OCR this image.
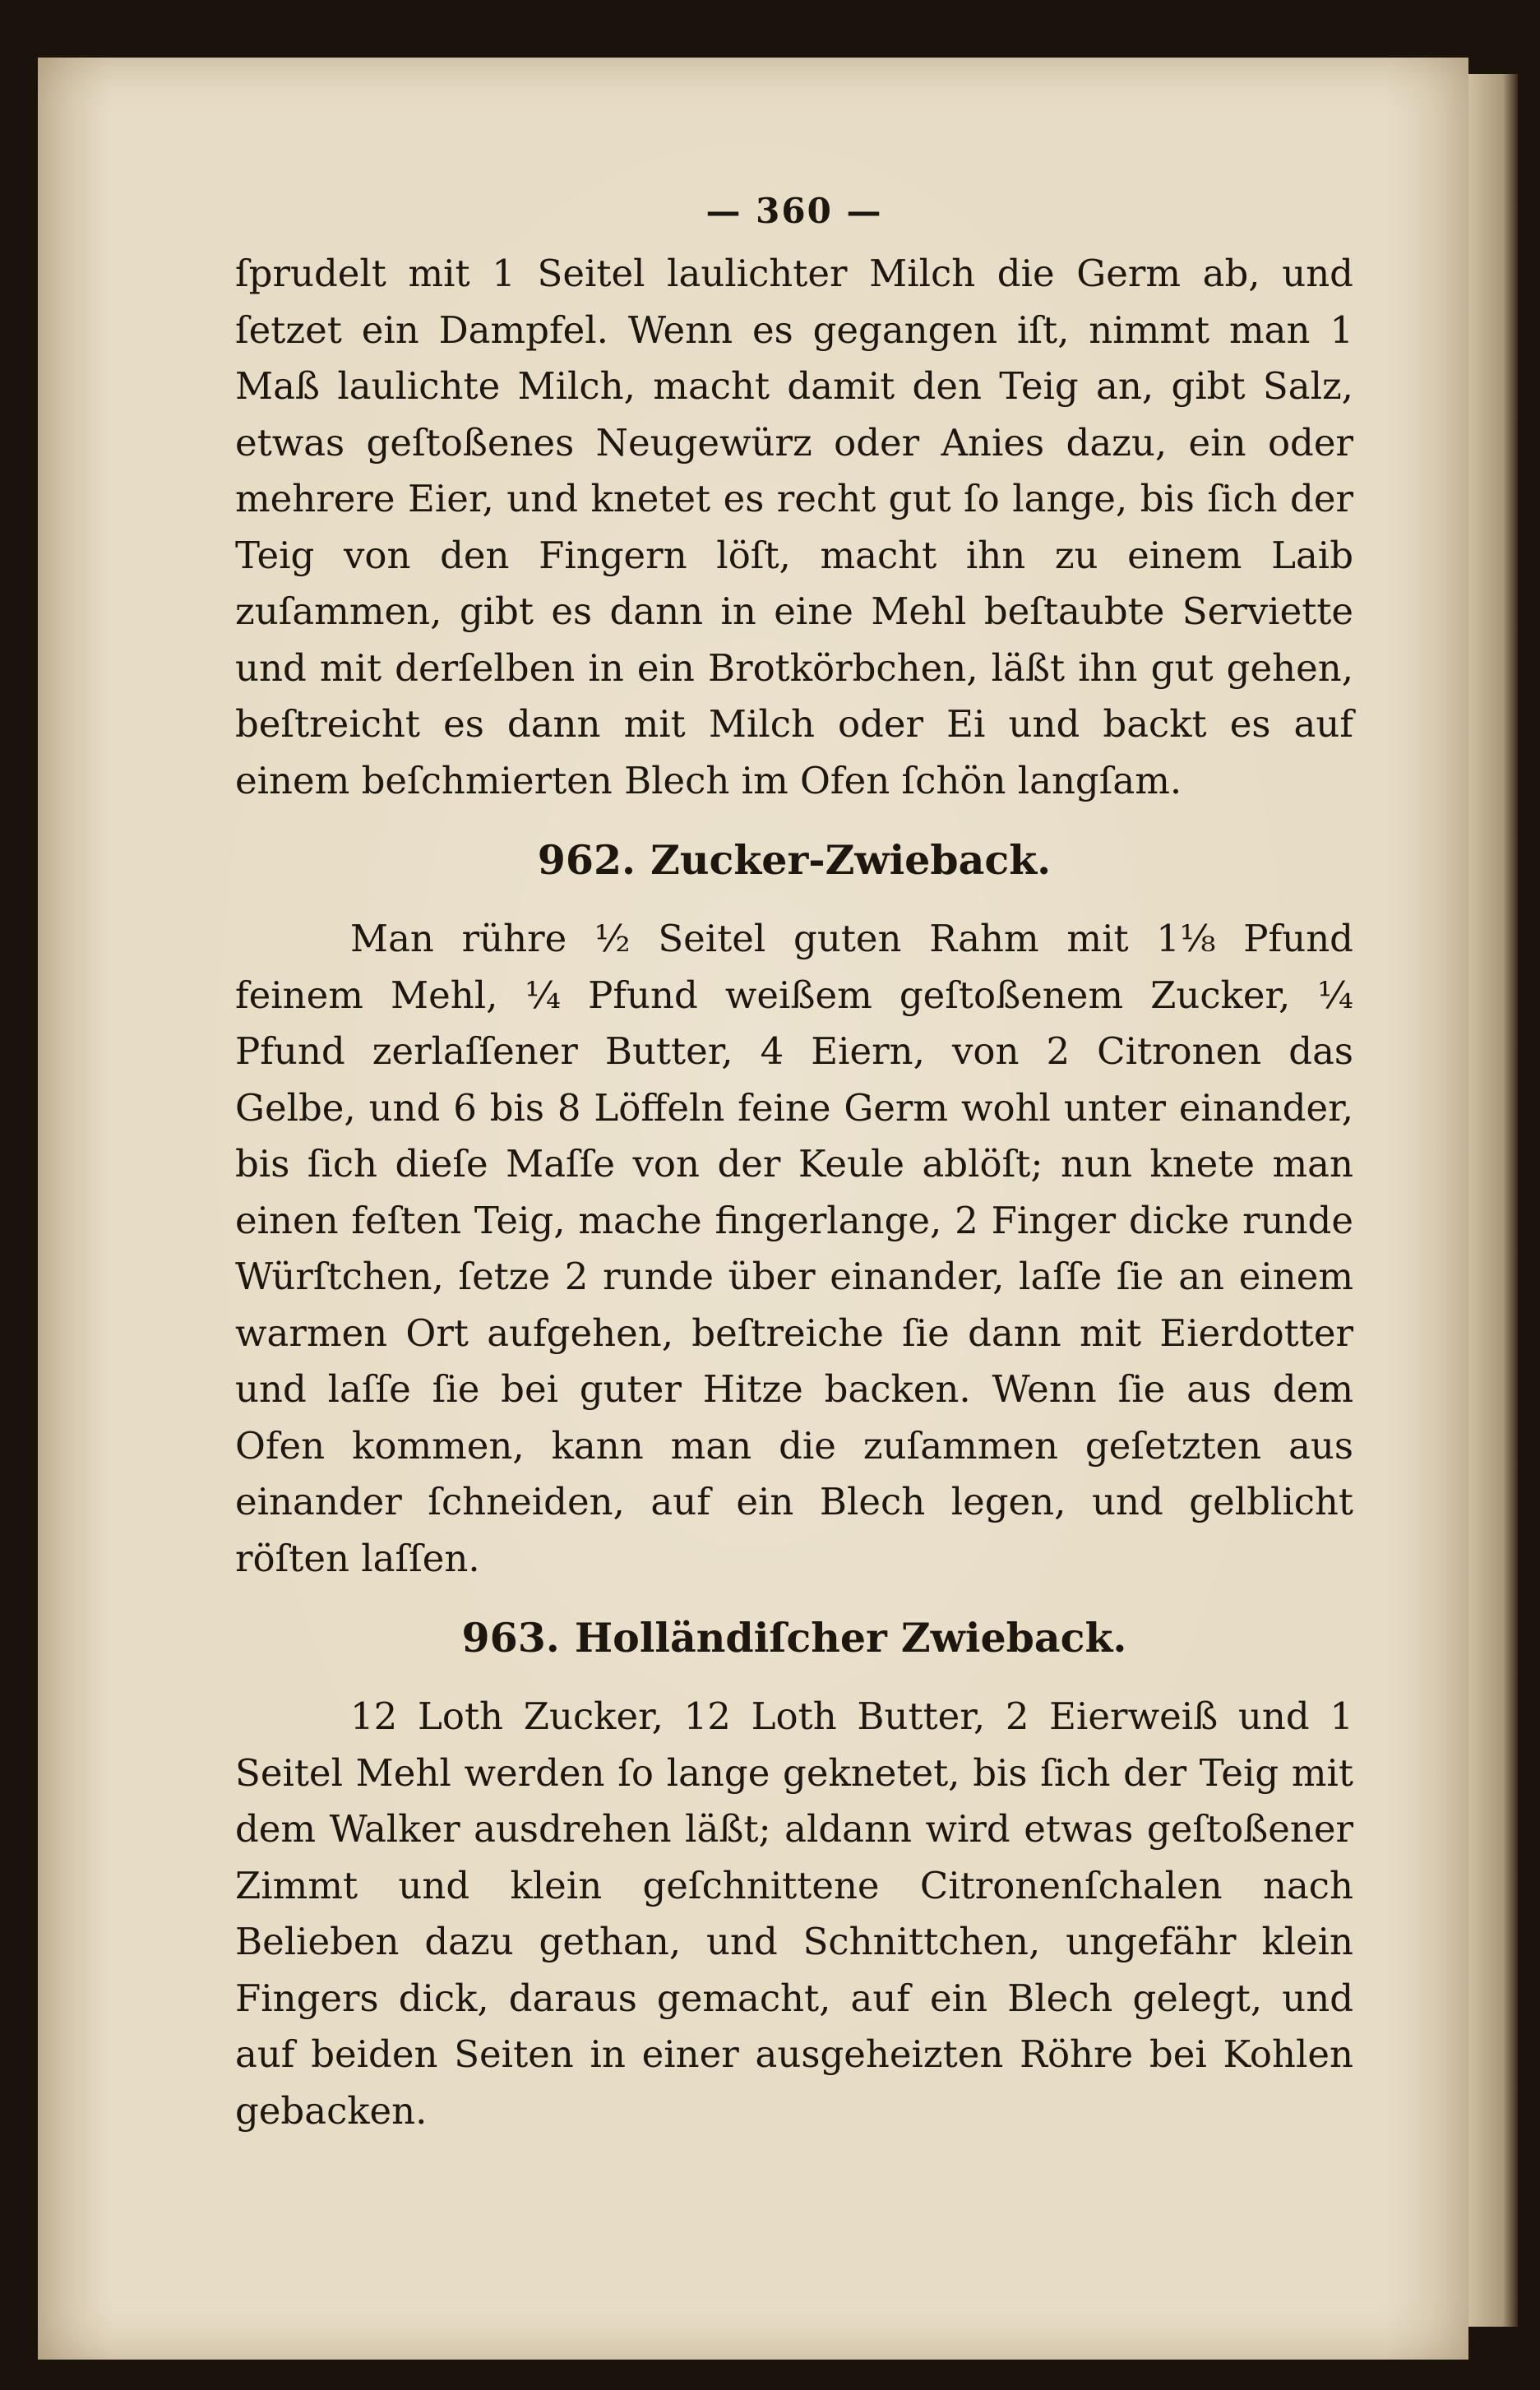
— 360 —

ſprudelt mit 1 Seitel laulichter Milch die Germ ab, und ſetzet ein Dampfel. Wenn es gegangen iſt, nimmt man 1 Maß laulichte Milch, macht damit den Teig an, gibt Salz, etwas geſtoßenes Neugewürz oder Anies dazu, ein oder mehrere Eier, und knetet es recht gut ſo lange, bis ſich der Teig von den Fingern löſt, macht ihn zu einem Laib zuſammen, gibt es dann in eine Mehl beſtaubte Serviette und mit derſelben in ein Brotkörbchen, läßt ihn gut gehen, beſtreicht es dann mit Milch oder Ei und backt es auf einem beſchmierten Blech im Ofen ſchön langſam.

962. Zucker-Zwieback.

Man rühre ½ Seitel guten Rahm mit 1⅛ Pfund feinem Mehl, ¼ Pfund weißem geſtoßenem Zucker, ¼ Pfund zerlaſſener Butter, 4 Eiern, von 2 Citronen das Gelbe, und 6 bis 8 Löffeln feine Germ wohl unter einander, bis ſich dieſe Maſſe von der Keule ablöſt; nun knete man einen feſten Teig, mache fingerlange, 2 Finger dicke runde Würſtchen, ſetze 2 runde über einander, laſſe ſie an einem warmen Ort aufgehen, beſtreiche ſie dann mit Eierdotter und laſſe ſie bei guter Hitze backen. Wenn ſie aus dem Ofen kommen, kann man die zuſammen geſetzten aus einander ſchneiden, auf ein Blech legen, und gelblicht röſten laſſen.

963. Holländiſcher Zwieback.

12 Loth Zucker, 12 Loth Butter, 2 Eierweiß und 1 Seitel Mehl werden ſo lange geknetet, bis ſich der Teig mit dem Walker ausdrehen läßt; aldann wird etwas geſtoßener Zimmt und klein geſchnittene Citronenſchalen nach Belieben dazu gethan, und Schnittchen, ungefähr klein Fingers dick, daraus gemacht, auf ein Blech gelegt, und auf beiden Seiten in einer ausgeheizten Röhre bei Kohlen gebacken.
